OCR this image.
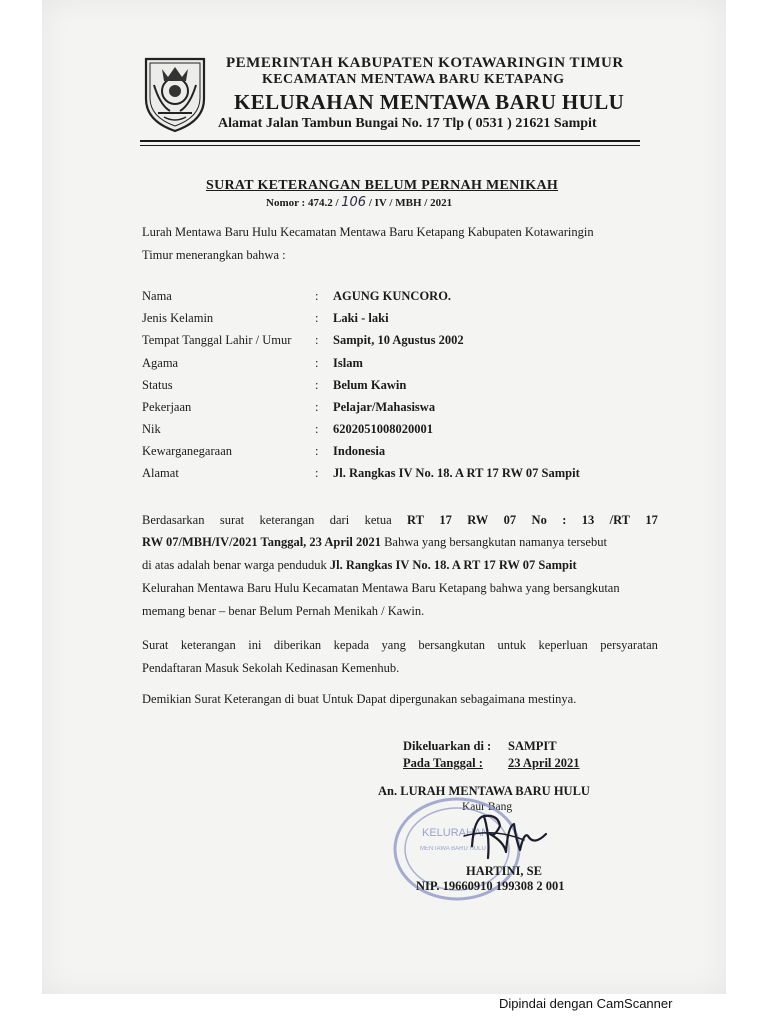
PEMERINTAH KABUPATEN KOTAWARINGIN TIMUR
KECAMATAN MENTAWA BARU KETAPANG
KELURAHAN MENTAWA BARU HULU
Alamat Jalan Tambun Bungai No. 17 Tlp ( 0531 ) 21621 Sampit
SURAT KETERANGAN BELUM PERNAH MENIKAH
Nomor : 474.2 / 106 / IV / MBH / 2021
Lurah Mentawa Baru Hulu Kecamatan Mentawa Baru Ketapang Kabupaten Kotawaringin
Timur menerangkan bahwa :
Nama	: AGUNG KUNCORO.
Jenis Kelamin	: Laki - laki
Tempat Tanggal Lahir / Umur : Sampit, 10 Agustus 2002
Agama	: Islam
Status	: Belum Kawin
Pekerjaan	: Pelajar/Mahasiswa
Nik	: 6202051008020001
Kewarganegaraan	: Indonesia
Alamat	: Jl. Rangkas IV No. 18. A RT 17 RW 07 Sampit
Berdasarkan surat keterangan dari ketua RT 17 RW 07 No : 13 /RT 17
RW 07/MBH/IV/2021 Tanggal, 23 April 2021 Bahwa yang bersangkutan namanya tersebut
di atas adalah benar warga penduduk Jl. Rangkas IV No. 18. A RT 17 RW 07 Sampit
Kelurahan Mentawa Baru Hulu Kecamatan Mentawa Baru Ketapang bahwa yang bersangkutan
memang benar – benar Belum Pernah Menikah / Kawin.
Surat keterangan ini diberikan kepada yang bersangkutan untuk keperluan persyaratan
Pendaftaran Masuk Sekolah Kedinasan Kemenhub.
Demikian Surat Keterangan di buat Untuk Dapat dipergunakan sebagaimana mestinya.
Dikeluarkan di : SAMPIT
Pada Tanggal : 23 April 2021
An. LURAH MENTAWA BARU HULU
Kaur Bang
KELURAHAN
MENTAWA BARU HULU
HARTINI, SE
NIP. 19660910 199308 2 001
Dipindai dengan CamScanner
